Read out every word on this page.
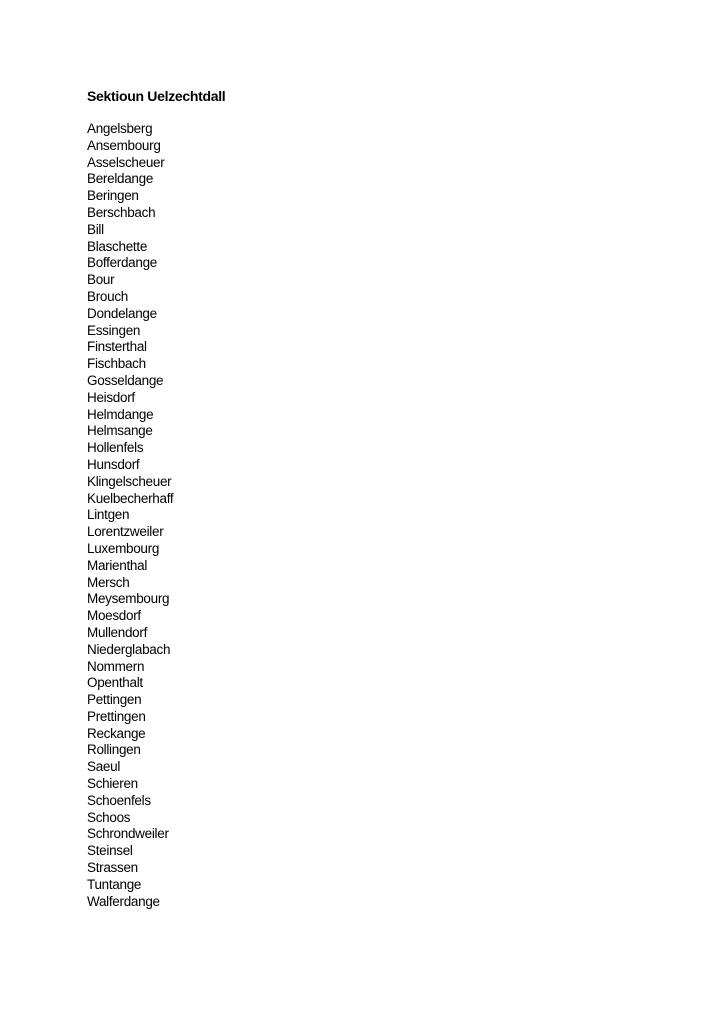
Sektioun Uelzechtdall
Angelsberg
Ansembourg
Asselscheuer
Bereldange
Beringen
Berschbach
Bill
Blaschette
Bofferdange
Bour
Brouch
Dondelange
Essingen
Finsterthal
Fischbach
Gosseldange
Heisdorf
Helmdange
Helmsange
Hollenfels
Hunsdorf
Klingelscheuer
Kuelbecherhaff
Lintgen
Lorentzweiler
Luxembourg
Marienthal
Mersch
Meysembourg
Moesdorf
Mullendorf
Niederglabach
Nommern
Openthalt
Pettingen
Prettingen
Reckange
Rollingen
Saeul
Schieren
Schoenfels
Schoos
Schrondweiler
Steinsel
Strassen
Tuntange
Walferdange
